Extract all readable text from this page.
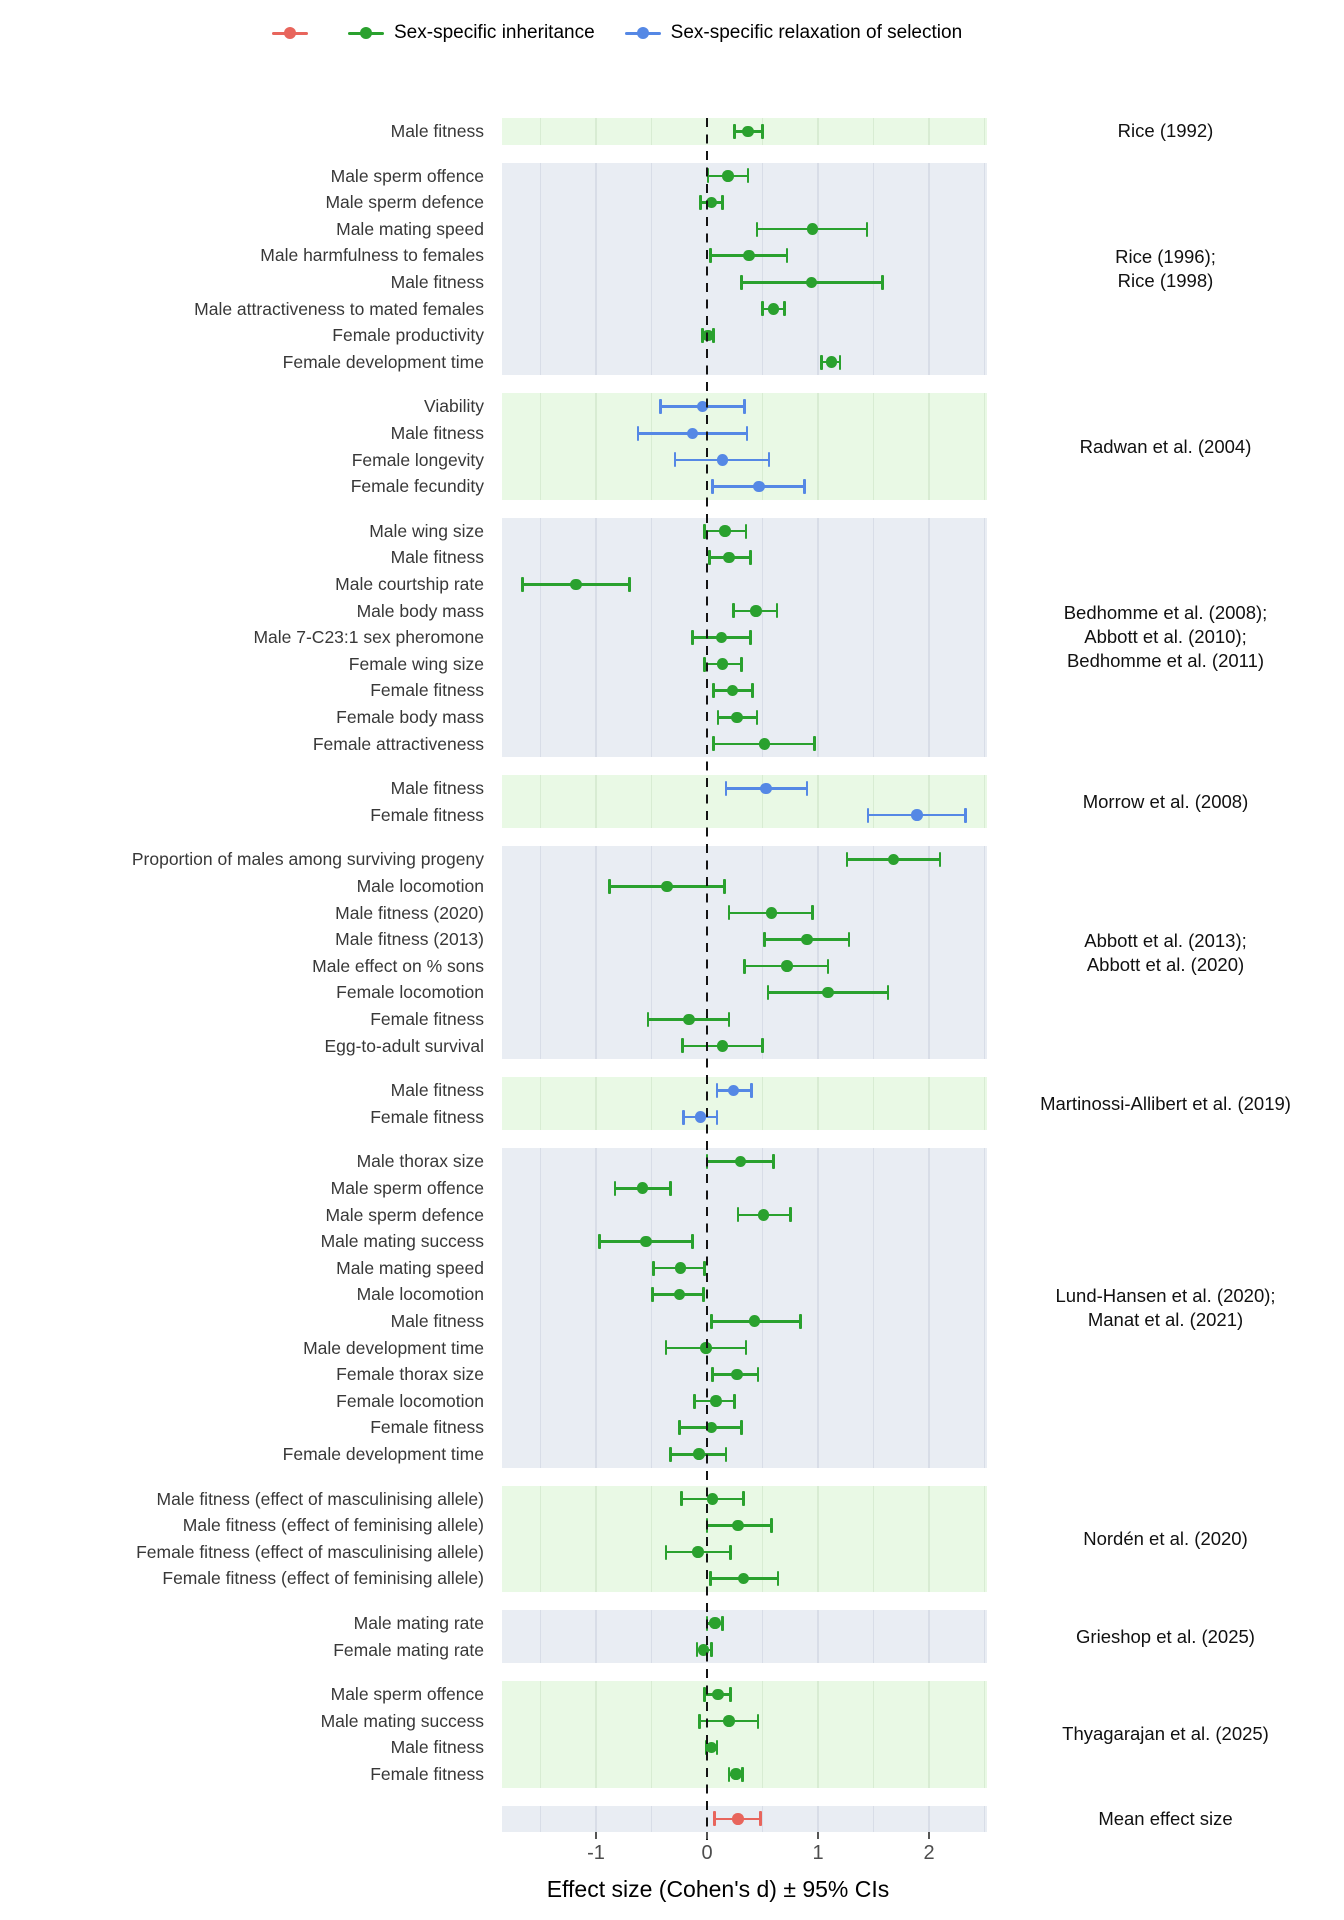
Sex-specific inheritance	Sex-specific relaxation of selection
Male fitness	Rice (1992)
Male sperm offence
Male sperm defence
Male mating speed
Male harmfulness to females
Male fitness
Male attractiveness to mated females
Female productivity
Female development time
Rice (1996);
Rice (1998)
Viability
Male fitness
Female longevity
Female fecundity
Radwan et al. (2004)
Male wing size
Male fitness
Male courtship rate
Male body mass
Male 7-C23:1 sex pheromone
Female wing size
Female fitness
Female body mass
Female attractiveness
Bedhomme et al. (2008);
Abbott et al. (2010);
Bedhomme et al. (2011)
Male fitness
Female fitness
Morrow et al. (2008)
Proportion of males among surviving progeny
Male locomotion
Male fitness (2020)
Male fitness (2013)
Male effect on % sons
Female locomotion
Female fitness
Egg-to-adult survival
Abbott et al. (2013);
Abbott et al. (2020)
Male fitness
Female fitness
Martinossi-Allibert et al. (2019)
Male thorax size
Male sperm offence
Male sperm defence
Male mating success
Male mating speed
Male locomotion
Male fitness
Male development time
Female thorax size
Female locomotion
Female fitness
Female development time
Lund-Hansen et al. (2020);
Manat et al. (2021)
Male fitness (effect of masculinising allele)
Male fitness (effect of feminising allele)
Female fitness (effect of masculinising allele)
Female fitness (effect of feminising allele)
Nordén et al. (2020)
Male mating rate
Female mating rate
Grieshop et al. (2025)
Male sperm offence
Male mating success
Male fitness
Female fitness
Thyagarajan et al. (2025)
Mean effect size
Effect size (Cohen's d) ± 95% CIs
-1	0	1	2
